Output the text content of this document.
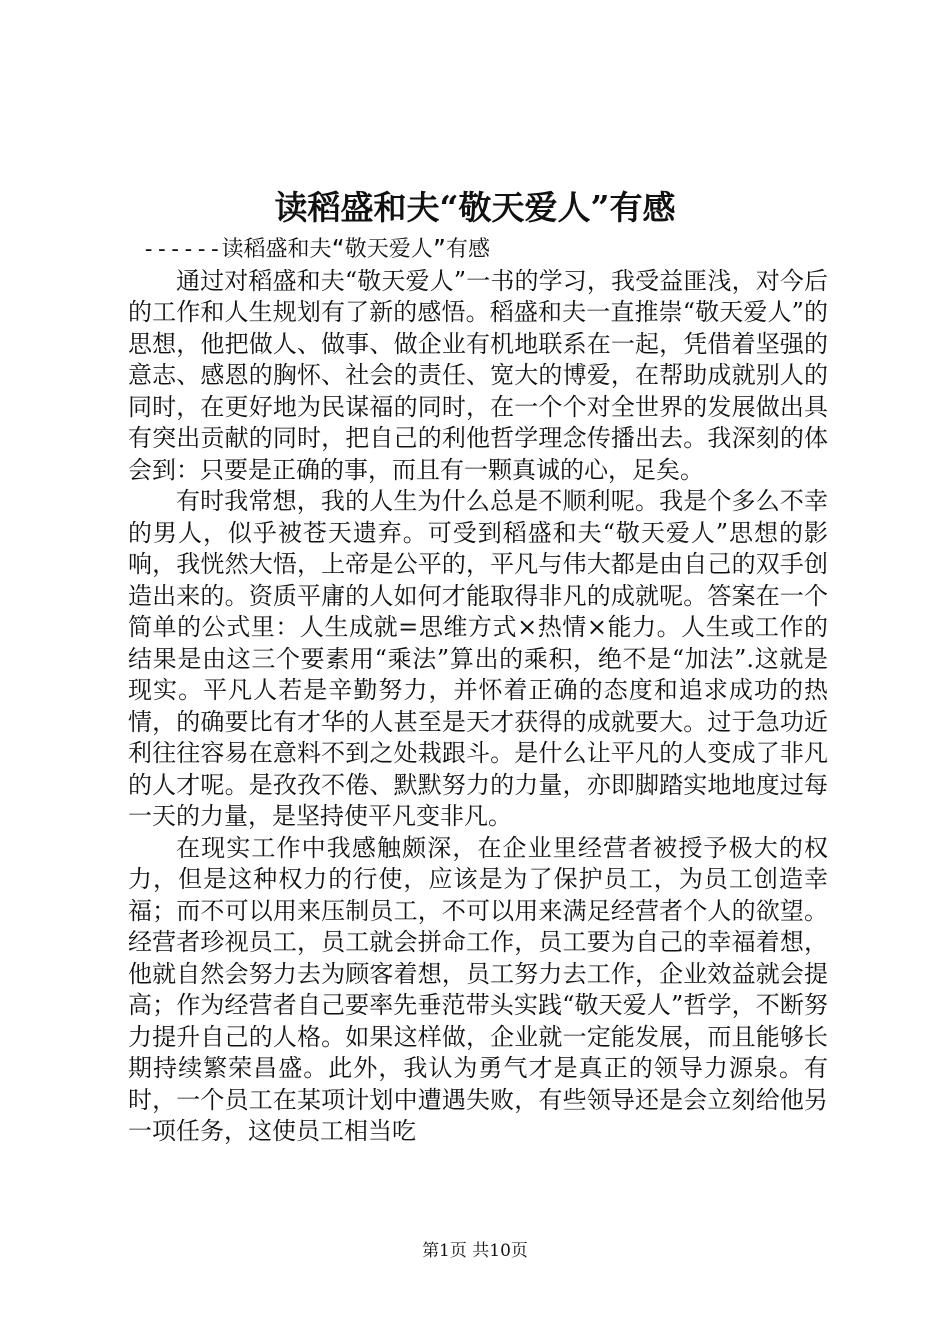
读稻盛和夫“敬天爱人”有感

------读稻盛和夫“敬天爱人”有感

通过对稻盛和夫“敬天爱人”一书的学习，我受益匪浅，对今后的工作和人生规划有了新的感悟。稻盛和夫一直推崇“敬天爱人”的思想，他把做人、做事、做企业有机地联系在一起，凭借着坚强的意志、感恩的胸怀、社会的责任、宽大的博爱，在帮助成就别人的同时，在更好地为民谋福的同时，在一个个对全世界的发展做出具有突出贡献的同时，把自己的利他哲学理念传播出去。我深刻的体会到：只要是正确的事，而且有一颗真诚的心，足矣。

有时我常想，我的人生为什么总是不顺利呢。我是个多么不幸的男人，似乎被苍天遗弃。可受到稻盛和夫“敬天爱人”思想的影响，我恍然大悟，上帝是公平的，平凡与伟大都是由自己的双手创造出来的。资质平庸的人如何才能取得非凡的成就呢。答案在一个简单的公式里：人生成就=思维方式×热情×能力。人生或工作的结果是由这三个要素用“乘法”算出的乘积，绝不是“加法”.这就是现实。平凡人若是辛勤努力，并怀着正确的态度和追求成功的热情，的确要比有才华的人甚至是天才获得的成就要大。过于急功近利往往容易在意料不到之处栽跟斗。是什么让平凡的人变成了非凡的人才呢。是孜孜不倦、默默努力的力量，亦即脚踏实地地度过每一天的力量，是坚持使平凡变非凡。

在现实工作中我感触颇深，在企业里经营者被授予极大的权力，但是这种权力的行使，应该是为了保护员工，为员工创造幸福；而不可以用来压制员工，不可以用来满足经营者个人的欲望。经营者珍视员工，员工就会拼命工作，员工要为自己的幸福着想，他就自然会努力去为顾客着想，员工努力去工作，企业效益就会提高；作为经营者自己要率先垂范带头实践“敬天爱人”哲学，不断努力提升自己的人格。如果这样做，企业就一定能发展，而且能够长期持续繁荣昌盛。此外，我认为勇气才是真正的领导力源泉。有时，一个员工在某项计划中遭遇失败，有些领导还是会立刻给他另一项任务，这使员工相当吃

第1页 共10页
